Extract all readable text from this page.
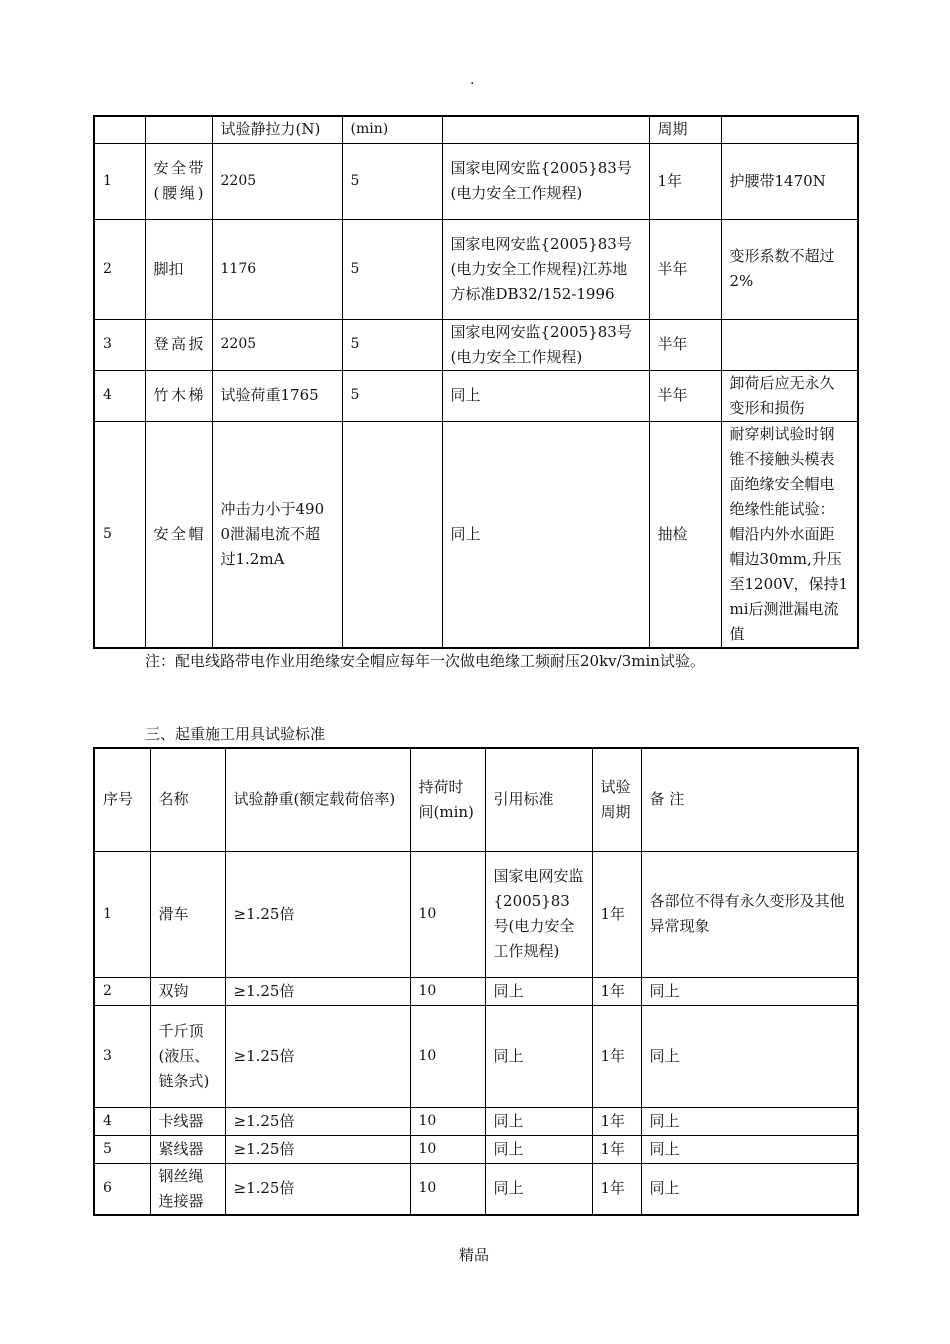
.
		试验静拉力(N)	(min)		周期	
1	安全带(腰绳)	2205	5	国家电网安监{2005}83号(电力安全工作规程)	1年	护腰带1470N
2	脚扣	1176	5	国家电网安监{2005}83号(电力安全工作规程)江苏地方标准DB32/152-1996	半年	变形系数不超过2%
3	登高扳	2205	5	国家电网安监{2005}83号(电力安全工作规程)	半年	
4	竹木梯	试验荷重1765	5	同上	半年	卸荷后应无永久变形和损伤
5	安全帽	冲击力小于4900泄漏电流不超过1.2mA		同上	抽检	耐穿刺试验时钢锥不接触头模表面绝缘安全帽电绝缘性能试验：帽沿内外水面距帽边30mm,升压至1200V，保持1mi后测泄漏电流值
注：配电线路带电作业用绝缘安全帽应每年一次做电绝缘工频耐压20kv/3min试验。
三、起重施工用具试验标准
序号	名称	试验静重(额定载荷倍率)	持荷时间(min)	引用标准	试验周期	备 注
1	滑车	≥1.25倍	10	国家电网安监{2005}83号(电力安全工作规程)	1年	各部位不得有永久变形及其他异常现象
2	双钩	≥1.25倍	10	同上	1年	同上
3	千斤顶(液压、链条式)	≥1.25倍	10	同上	1年	同上
4	卡线器	≥1.25倍	10	同上	1年	同上
5	紧线器	≥1.25倍	10	同上	1年	同上
6	钢丝绳连接器	≥1.25倍	10	同上	1年	同上
精品
